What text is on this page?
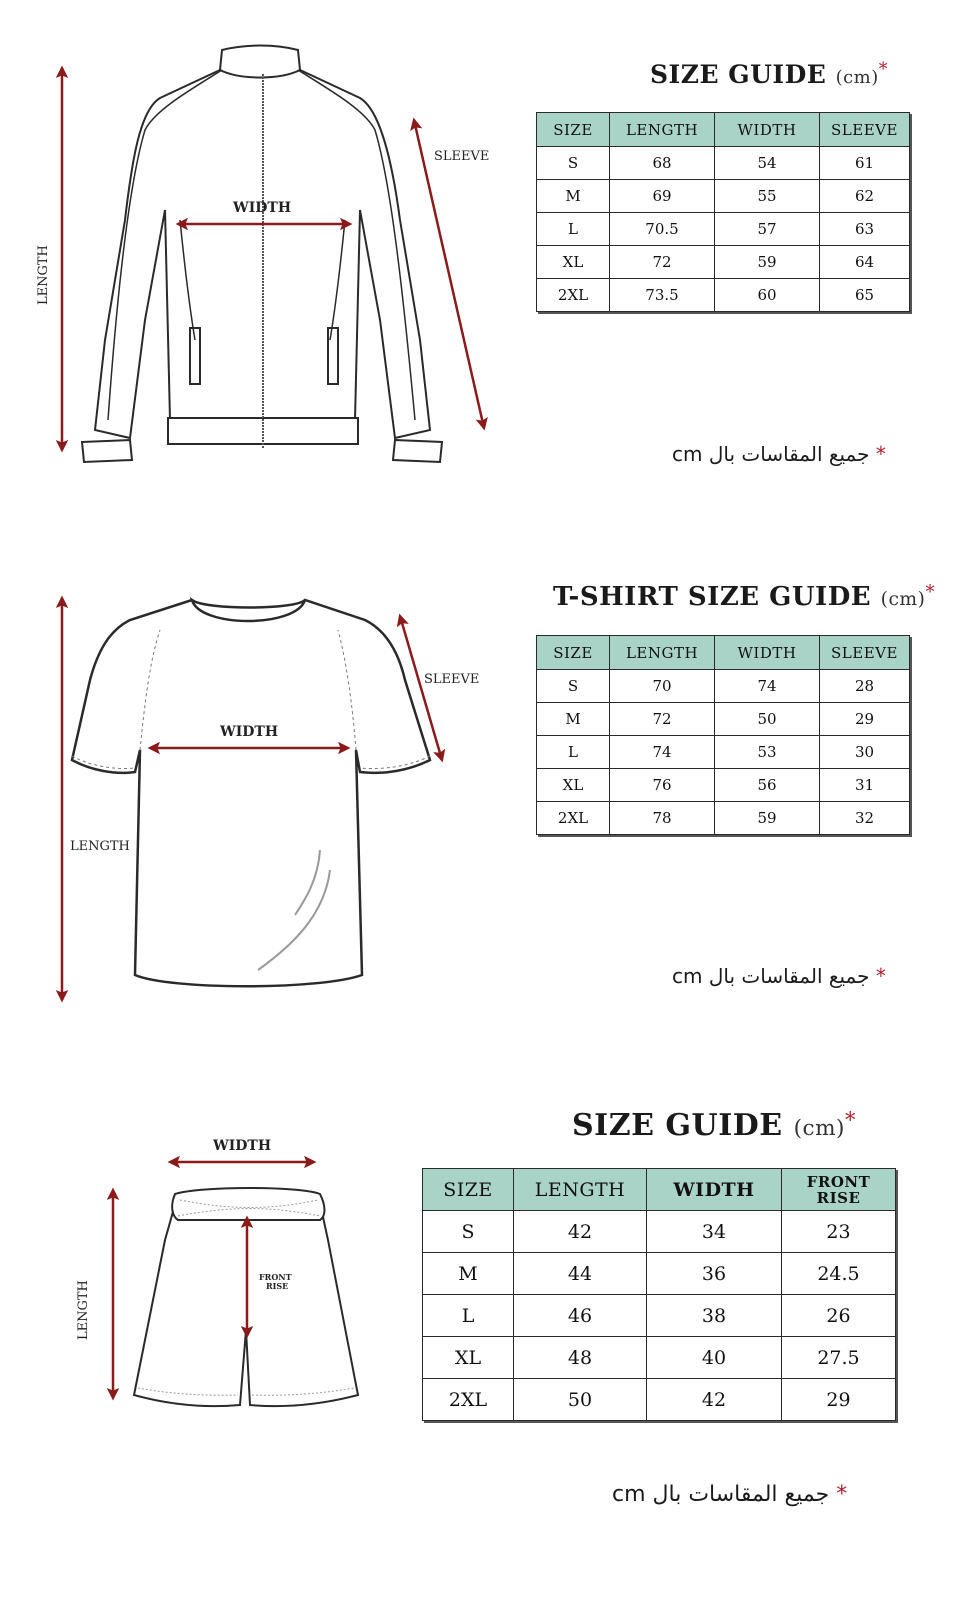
WIDTH
SLEEVE
LENGTH
SIZE GUIDE (cm)*
SIZE	LENGTH	WIDTH	SLEEVE
S	68	54	61
M	69	55	62
L	70.5	57	63
XL	72	59	64
2XL	73.5	60	65
* جميع المقاسات بال cm
WIDTH
SLEEVE
LENGTH
T-SHIRT SIZE GUIDE (cm)*
SIZE	LENGTH	WIDTH	SLEEVE
S	70	74	28
M	72	50	29
L	74	53	30
XL	76	56	31
2XL	78	59	32
* جميع المقاسات بال cm
WIDTH
FRONT
RISE
LENGTH
SIZE GUIDE (cm)*
SIZE	LENGTH	WIDTH	FRONT
RISE
S	42	34	23
M	44	36	24.5
L	46	38	26
XL	48	40	27.5
2XL	50	42	29
* جميع المقاسات بال cm
